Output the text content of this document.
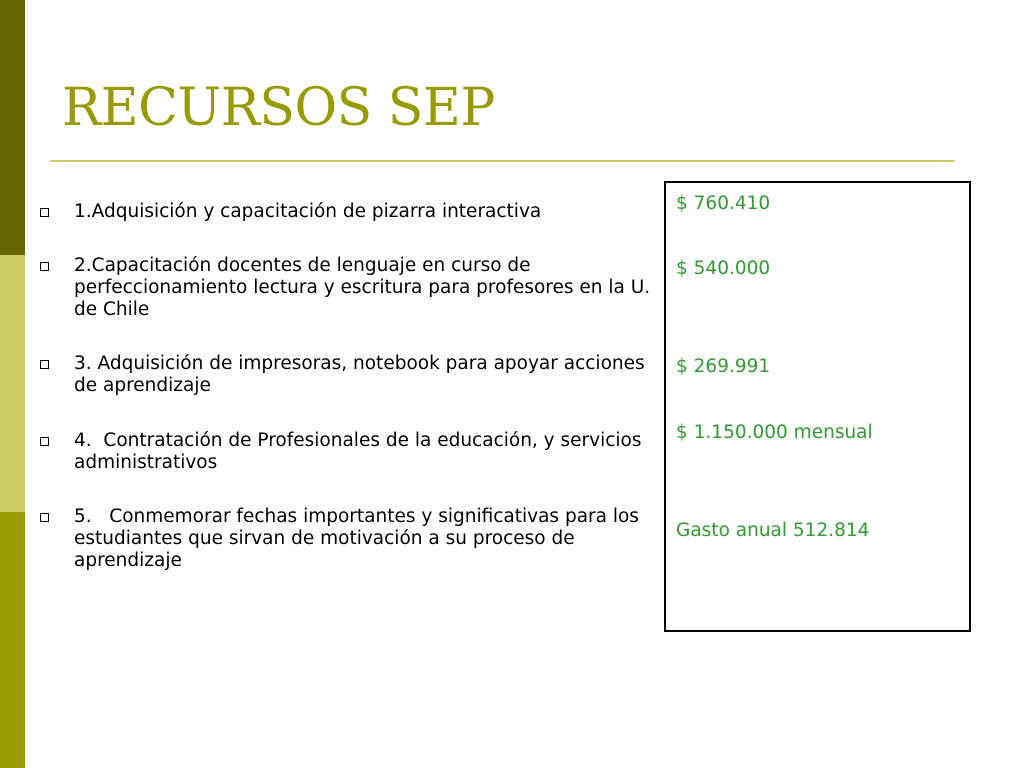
RECURSOS SEP
1.Adquisición y capacitación de pizarra interactiva
2.Capacitación docentes de lenguaje en curso de perfeccionamiento lectura y escritura para profesores en la U. de Chile
3. Adquisición de impresoras, notebook para apoyar acciones de aprendizaje
4.  Contratación de Profesionales de la educación, y servicios administrativos
5.   Conmemorar fechas importantes y significativas para los estudiantes que sirvan de motivación a su proceso de aprendizaje
$ 760.410
$ 540.000
$ 269.991
$ 1.150.000 mensual
Gasto anual 512.814
